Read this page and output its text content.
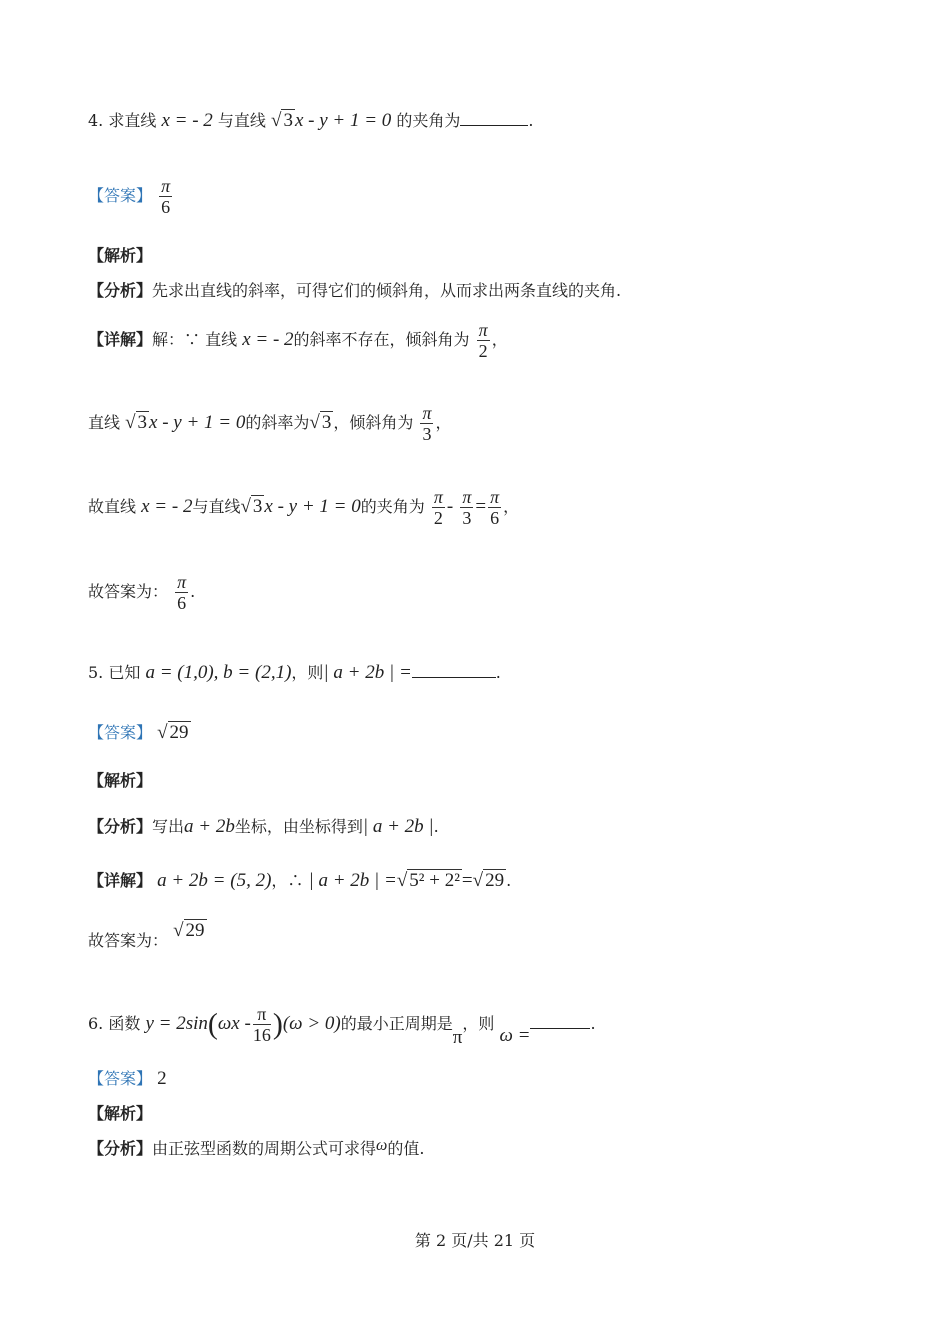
4. 求直线 x = - 2 与直线 √ 3 x - y + 1 = 0 的夹角为	.
【答案】 $\frac{\pi}{6}$
【解析】
【分析】先求出直线的斜率，可得它们的倾斜角，从而求出两条直线的夹角.
【详解】解：∵ 直线 x = - 2的斜率不存在，倾斜角为 $\frac{\pi}{2}$ ，
直线 √ 3 x - y + 1 = 0的斜率为√ 3 ，倾斜角为 $\frac{\pi}{3}$ ，
故直线 x = - 2与直线√ 3 x - y + 1 = 0的夹角为 $\frac{\pi}{2} - \frac{\pi}{3} = \frac{\pi}{6}$ ，
故答案为： $\frac{\pi}{6}$ .
5. 已知 a = (1,0), b = (2,1)，则| a + 2b | =	.
【答案】 √ 29
【解析】
【分析】写出a + 2b坐标，由坐标得到| a + 2b |.
【详解】 a + 2b = (5, 2)，∴ | a + 2b | =√ 5² + 2² =√ 29 .
故答案为： √ 29
6. 函数 $y = 2\sin(\omega x - \frac{\pi}{16} )(\omega > 0)$的最小正周期是π，则 ω =.
【答案】 2
【解析】
【分析】由正弦型函数的周期公式可求得ω的值.
第 2 页/共 21 页
